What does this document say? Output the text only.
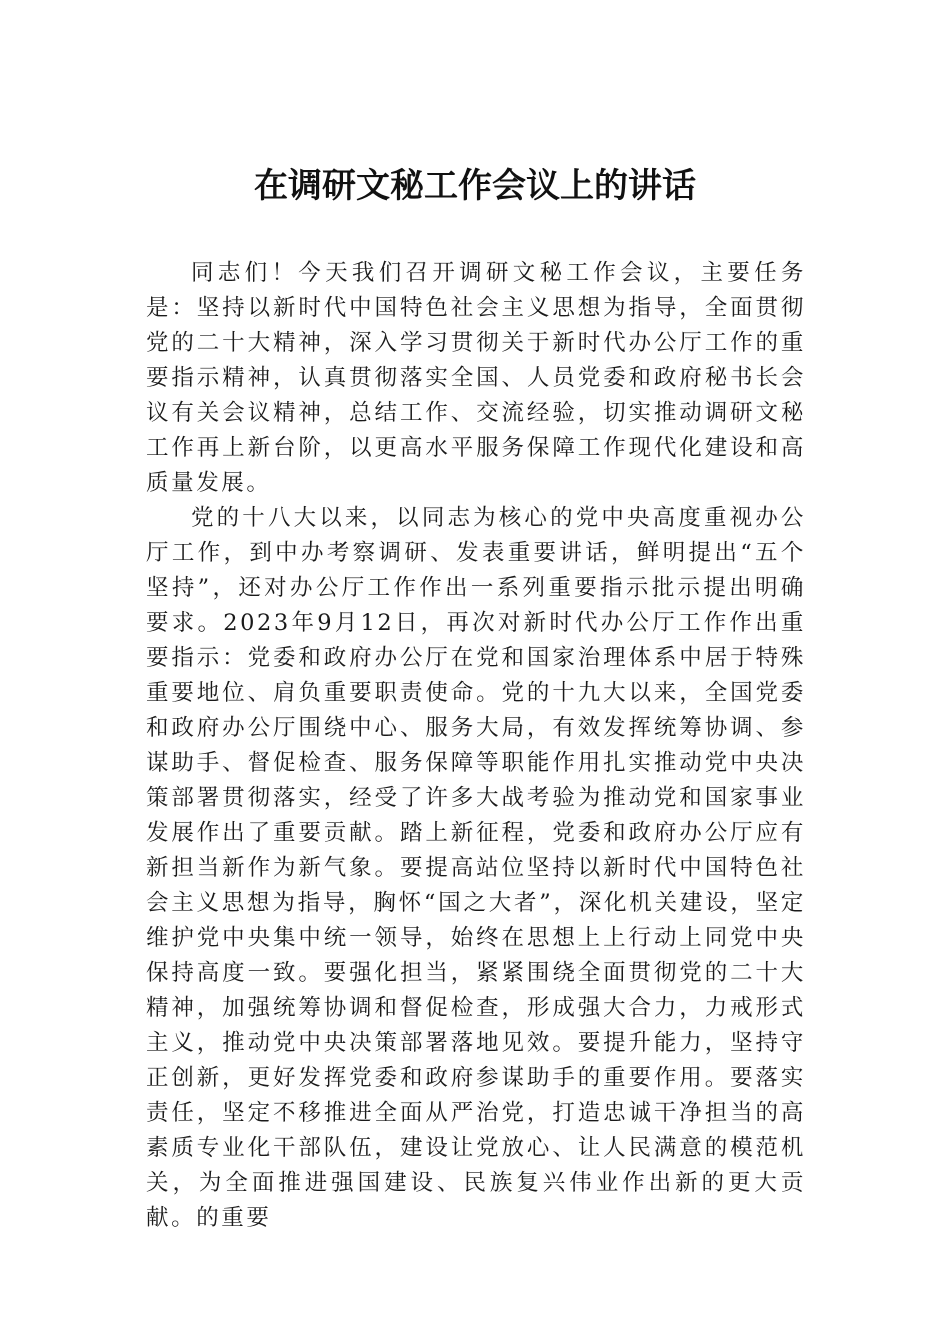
在调研文秘工作会议上的讲话

同志们！今天我们召开调研文秘工作会议，主要任务是：坚持以新时代中国特色社会主义思想为指导，全面贯彻党的二十大精神，深入学习贯彻关于新时代办公厅工作的重要指示精神，认真贯彻落实全国、人员党委和政府秘书长会议有关会议精神，总结工作、交流经验，切实推动调研文秘工作再上新台阶，以更高水平服务保障工作现代化建设和高质量发展。

党的十八大以来，以同志为核心的党中央高度重视办公厅工作，到中办考察调研、发表重要讲话，鲜明提出“五个坚持”，还对办公厅工作作出一系列重要指示批示提出明确要求。2023年9月12日，再次对新时代办公厅工作作出重要指示：党委和政府办公厅在党和国家治理体系中居于特殊重要地位、肩负重要职责使命。党的十九大以来，全国党委和政府办公厅围绕中心、服务大局，有效发挥统筹协调、参谋助手、督促检查、服务保障等职能作用扎实推动党中央决策部署贯彻落实，经受了许多大战考验为推动党和国家事业发展作出了重要贡献。踏上新征程，党委和政府办公厅应有新担当新作为新气象。要提高站位坚持以新时代中国特色社会主义思想为指导，胸怀“国之大者”，深化机关建设，坚定维护党中央集中统一领导，始终在思想上上行动上同党中央保持高度一致。要强化担当，紧紧围绕全面贯彻党的二十大精神，加强统筹协调和督促检查，形成强大合力，力戒形式主义，推动党中央决策部署落地见效。要提升能力，坚持守正创新，更好发挥党委和政府参谋助手的重要作用。要落实责任，坚定不移推进全面从严治党，打造忠诚干净担当的高素质专业化干部队伍，建设让党放心、让人民满意的模范机关，为全面推进强国建设、民族复兴伟业作出新的更大贡献。的重要
